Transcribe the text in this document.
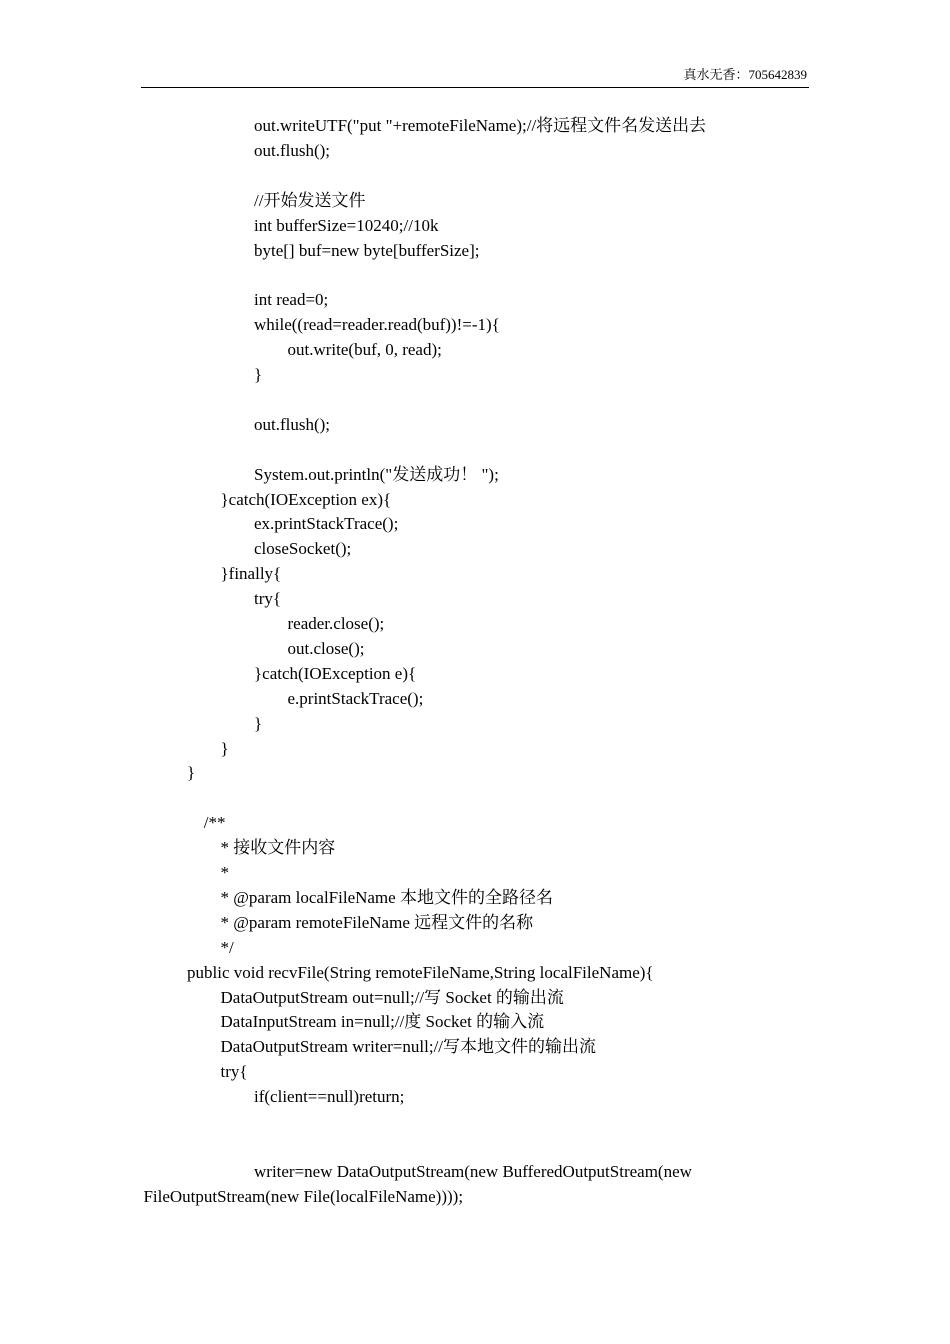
真水无香：705642839
out.writeUTF("put "+remoteFileName);//将远程文件名发送出去
out.flush();
//开始发送文件
int bufferSize=10240;//10k
byte[] buf=new byte[bufferSize];
int read=0;
while((read=reader.read(buf))!=-1){
out.write(buf, 0, read);
}
out.flush();
System.out.println("发送成功！ ");
}catch(IOException ex){
ex.printStackTrace();
closeSocket();
}finally{
try{
reader.close();
out.close();
}catch(IOException e){
e.printStackTrace();
}
}
}
/**
* 接收文件内容
*
* @param localFileName 本地文件的全路径名
* @param remoteFileName 远程文件的名称
*/
public void recvFile(String remoteFileName,String localFileName){
DataOutputStream out=null;//写 Socket 的输出流
DataInputStream in=null;//度 Socket 的输入流
DataOutputStream writer=null;//写本地文件的输出流
try{
if(client==null)return;
writer=new DataOutputStream(new BufferedOutputStream(new
FileOutputStream(new File(localFileName))));
